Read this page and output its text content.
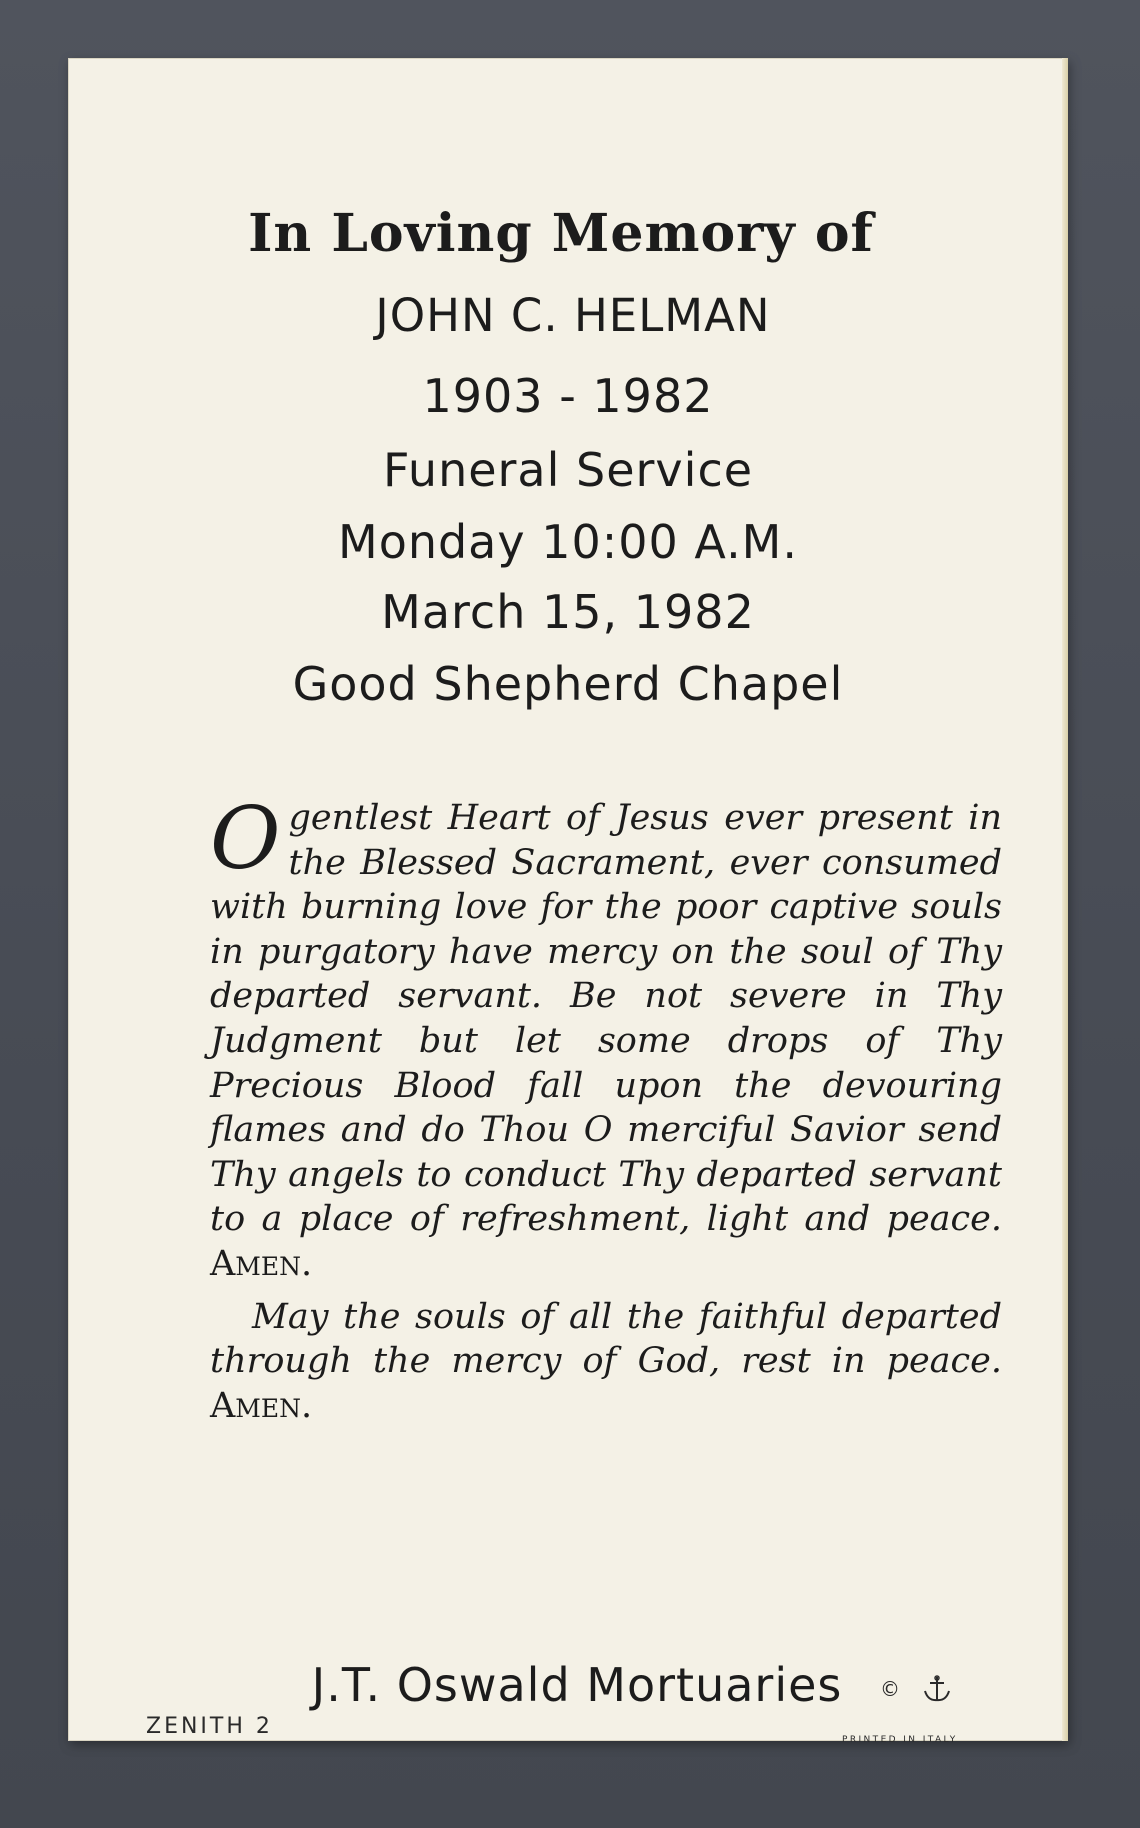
In Loving Memory of
JOHN C. HELMAN
1903 - 1982
Funeral Service
Monday 10:00 A.M.
March 15, 1982
Good Shepherd Chapel
Ogentlest Heart of Jesus ever present in the Blessed Sacrament, ever consumed with burning love for the poor captive souls in purgatory have mercy on the soul of Thy departed servant. Be not severe in Thy Judgment but let some drops of Thy Precious Blood fall upon the devouring flames and do Thou O merciful Savior send Thy angels to conduct Thy departed servant to a place of refreshment, light and peace. Amen.
May the souls of all the faithful departed through the mercy of God, rest in peace. Amen.
J.T. Oswald Mortuaries
ZENITH 2
©
PRINTED IN ITALY
